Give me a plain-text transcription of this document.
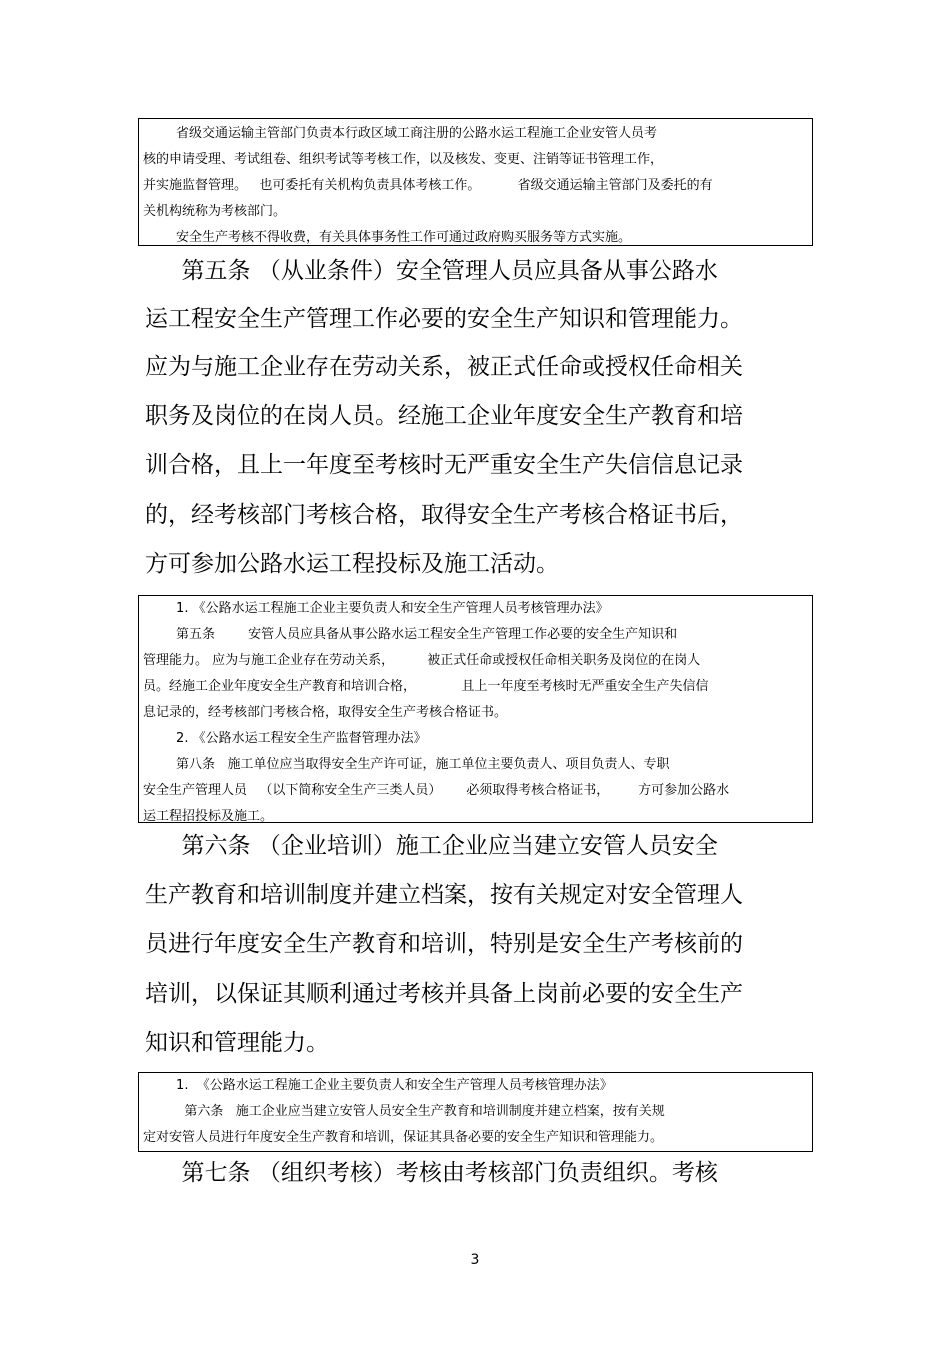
省级交通运输主管部门负责本行政区域工商注册的公路水运工程施工企业安管人员考

核的申请受理、考试组卷、组织考试等考核工作，以及核发、变更、注销等证书管理工作，

并实施监督管理。   也可委托有关机构负责具体考核工作。         省级交通运输主管部门及委托的有

关机构统称为考核部门。

安全生产考核不得收费，有关具体事务性工作可通过政府购买服务等方式实施。

第五条 （从业条件）安全管理人员应具备从事公路水

运工程安全生产管理工作必要的安全生产知识和管理能力。

应为与施工企业存在劳动关系，被正式任命或授权任命相关

职务及岗位的在岗人员。经施工企业年度安全生产教育和培

训合格，且上一年度至考核时无严重安全生产失信信息记录

的，经考核部门考核合格，取得安全生产考核合格证书后，

方可参加公路水运工程投标及施工活动。

1. 《公路水运工程施工企业主要负责人和安全生产管理人员考核管理办法》

第五条        安管人员应具备从事公路水运工程安全生产管理工作必要的安全生产知识和

管理能力。 应为与施工企业存在劳动关系，        被正式任命或授权任命相关职务及岗位的在岗人

员。经施工企业年度安全生产教育和培训合格，           且上一年度至考核时无严重安全生产失信信

息记录的，经考核部门考核合格，取得安全生产考核合格证书。

2. 《公路水运工程安全生产监督管理办法》

第八条   施工单位应当取得安全生产许可证，施工单位主要负责人、项目负责人、专职

安全生产管理人员   （以下简称安全生产三类人员）      必须取得考核合格证书，       方可参加公路水

运工程招投标及施工。

第六条 （企业培训）施工企业应当建立安管人员安全

生产教育和培训制度并建立档案，按有关规定对安全管理人

员进行年度安全生产教育和培训，特别是安全生产考核前的

培训，以保证其顺利通过考核并具备上岗前必要的安全生产

知识和管理能力。

1.  《公路水运工程施工企业主要负责人和安全生产管理人员考核管理办法》

第六条   施工企业应当建立安管人员安全生产教育和培训制度并建立档案，按有关规

定对安管人员进行年度安全生产教育和培训，保证其具备必要的安全生产知识和管理能力。

第七条 （组织考核）考核由考核部门负责组织。考核

3
